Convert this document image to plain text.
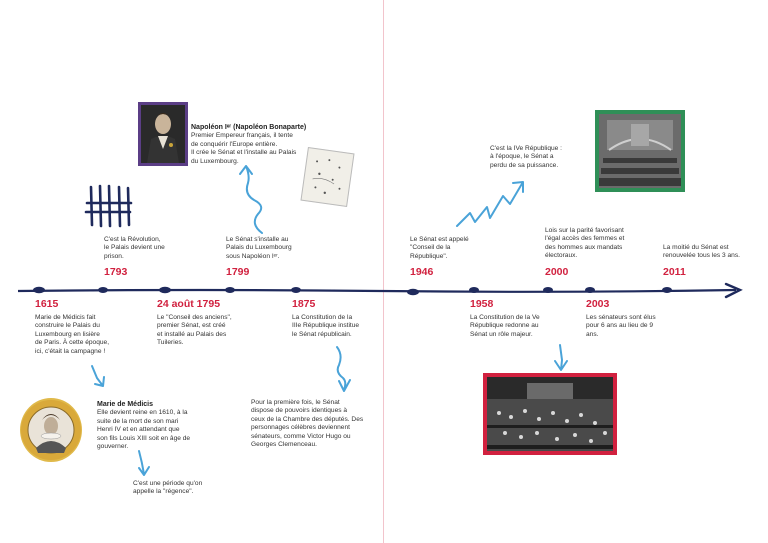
Napoléon Iᵉʳ (Napoléon Bonaparte)
Premier Empereur français, il tente
de conquérir l'Europe entière.
Il crée le Sénat et l'installe au Palais
du Luxembourg.
C'est la Révolution,
le Palais devient une
prison.
1793
Le Sénat s'installe au
Palais du Luxembourg
sous Napoléon Iᵉʳ.
1799
C'est la IVe République :
à l'époque, le Sénat a
perdu de sa puissance.
Le Sénat est appelé
"Conseil de la
République".
1946
Lois sur la parité favorisant
l'égal accès des femmes et
des hommes aux mandats
électoraux.
2000
La moitié du Sénat est
renouvelée tous les 3 ans.
2011
1615
Marie de Médicis fait
construire le Palais du
Luxembourg en lisière
de Paris. À cette époque,
ici, c'était la campagne !
24 août 1795
Le "Conseil des anciens",
premier Sénat, est créé
et installé au Palais des
Tuileries.
1875
La Constitution de la
IIIe République institue
le Sénat républicain.
1958
La Constitution de la Ve
République redonne au
Sénat un rôle majeur.
2003
Les sénateurs sont élus
pour 6 ans au lieu de 9
ans.
Marie de Médicis
Elle devient reine en 1610, à la
suite de la mort de son mari
Henri IV et en attendant que
son fils Louis XIII soit en âge de
gouverner.
C'est une période qu'on
appelle la "régence".
Pour la première fois, le Sénat
dispose de pouvoirs identiques à
ceux de la Chambre des députés. Des
personnages célèbres deviennent
sénateurs, comme Victor Hugo ou
Georges Clemenceau.
